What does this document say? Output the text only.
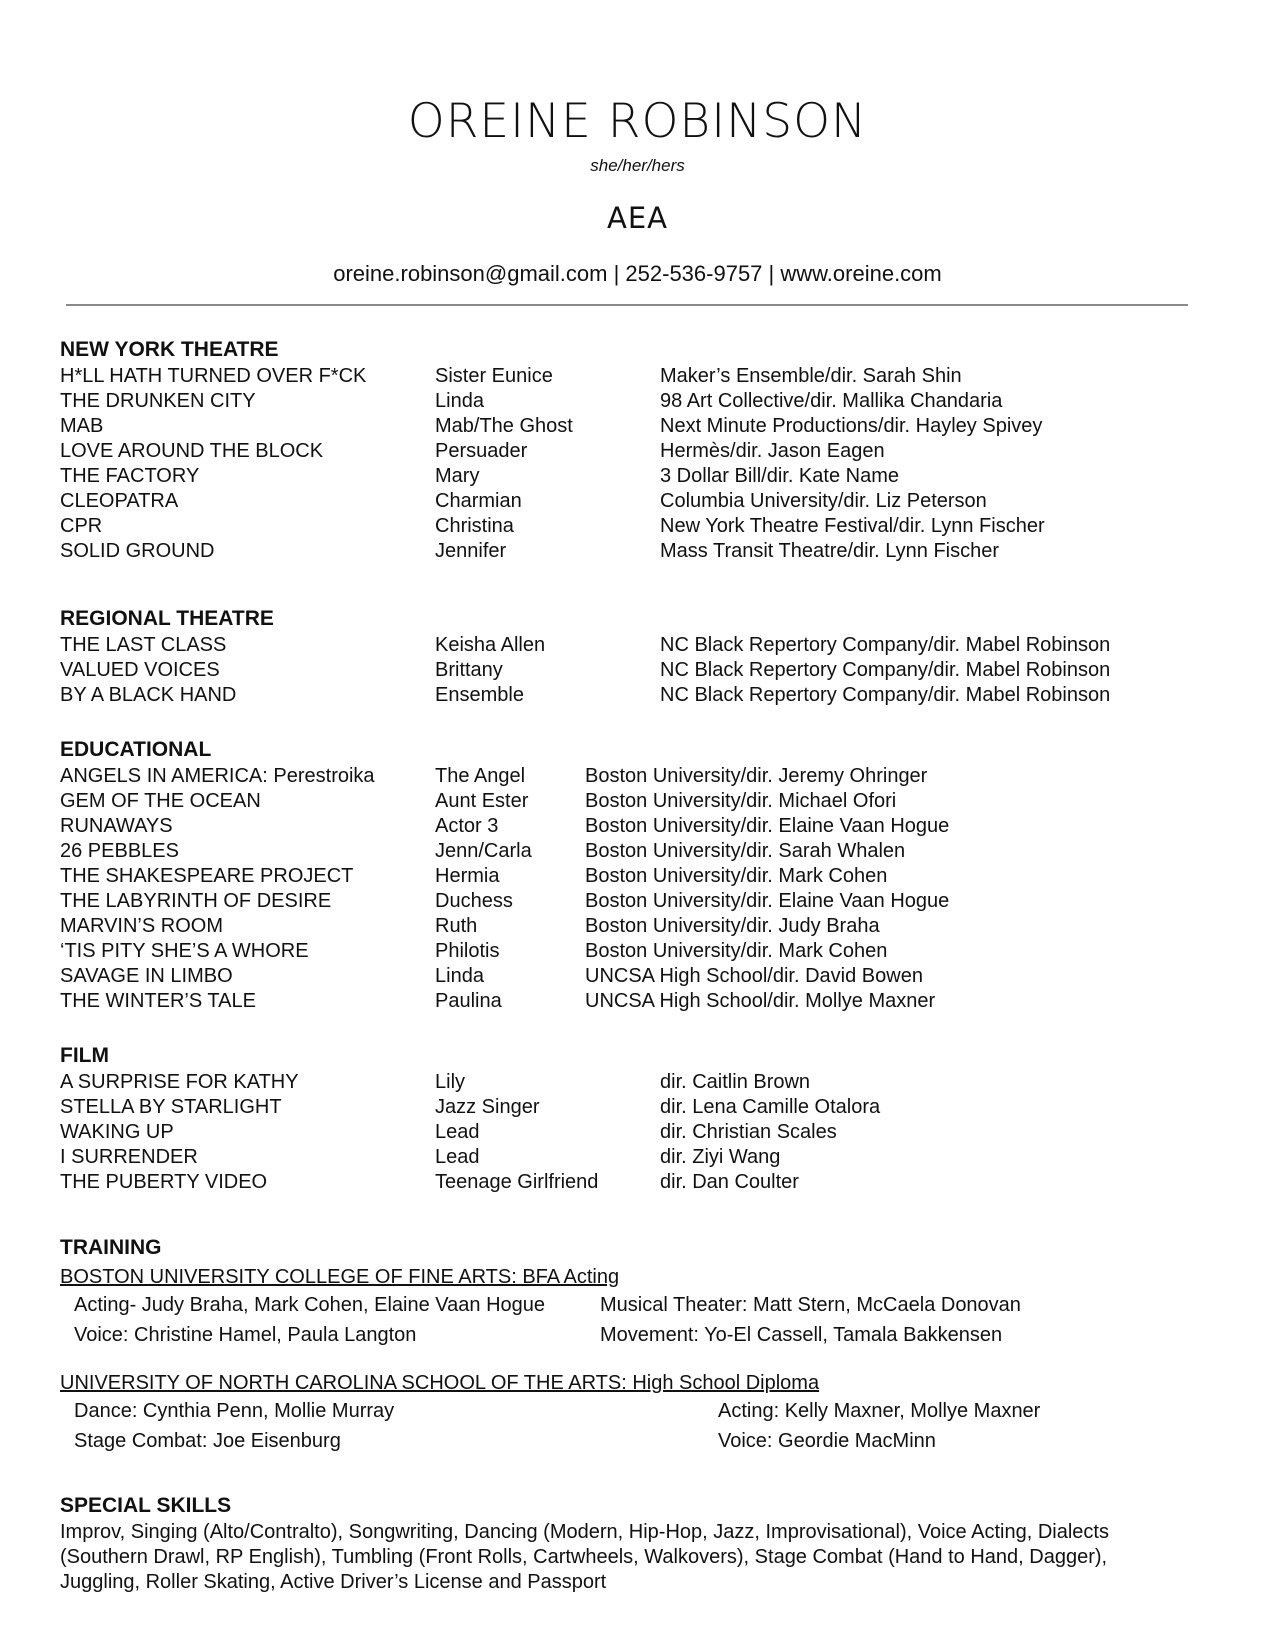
OREINE ROBINSON
she/her/hers
AEA
oreine.robinson@gmail.com | 252-536-9757 | www.oreine.com
NEW YORK THEATRE
H*LL HATH TURNED OVER F*CK	Sister Eunice	Maker’s Ensemble/dir. Sarah Shin
THE DRUNKEN CITY	Linda	98 Art Collective/dir. Mallika Chandaria
MAB	Mab/The Ghost	Next Minute Productions/dir. Hayley Spivey
LOVE AROUND THE BLOCK	Persuader	Hermès/dir. Jason Eagen
THE FACTORY	Mary	3 Dollar Bill/dir. Kate Name
CLEOPATRA	Charmian	Columbia University/dir. Liz Peterson
CPR	Christina	New York Theatre Festival/dir. Lynn Fischer
SOLID GROUND	Jennifer	Mass Transit Theatre/dir. Lynn Fischer
REGIONAL THEATRE
THE LAST CLASS	Keisha Allen	NC Black Repertory Company/dir. Mabel Robinson
VALUED VOICES	Brittany	NC Black Repertory Company/dir. Mabel Robinson
BY A BLACK HAND	Ensemble	NC Black Repertory Company/dir. Mabel Robinson
EDUCATIONAL
ANGELS IN AMERICA: Perestroika	The Angel	Boston University/dir. Jeremy Ohringer
GEM OF THE OCEAN	Aunt Ester	Boston University/dir. Michael Ofori
RUNAWAYS	Actor 3	Boston University/dir. Elaine Vaan Hogue
26 PEBBLES	Jenn/Carla	Boston University/dir. Sarah Whalen
THE SHAKESPEARE PROJECT	Hermia	Boston University/dir. Mark Cohen
THE LABYRINTH OF DESIRE	Duchess	Boston University/dir. Elaine Vaan Hogue
MARVIN’S ROOM	Ruth	Boston University/dir. Judy Braha
‘TIS PITY SHE’S A WHORE	Philotis	Boston University/dir. Mark Cohen
SAVAGE IN LIMBO	Linda	UNCSA High School/dir. David Bowen
THE WINTER’S TALE	Paulina	UNCSA High School/dir. Mollye Maxner
FILM
A SURPRISE FOR KATHY	Lily	dir. Caitlin Brown
STELLA BY STARLIGHT	Jazz Singer	dir. Lena Camille Otalora
WAKING UP	Lead	dir. Christian Scales
I SURRENDER	Lead	dir. Ziyi Wang
THE PUBERTY VIDEO	Teenage Girlfriend	dir. Dan Coulter
TRAINING
BOSTON UNIVERSITY COLLEGE OF FINE ARTS: BFA Acting
Acting- Judy Braha, Mark Cohen, Elaine Vaan Hogue	Musical Theater: Matt Stern, McCaela Donovan
Voice: Christine Hamel, Paula Langton	Movement: Yo-El Cassell, Tamala Bakkensen
UNIVERSITY OF NORTH CAROLINA SCHOOL OF THE ARTS: High School Diploma
Dance: Cynthia Penn, Mollie Murray	Acting: Kelly Maxner, Mollye Maxner
Stage Combat: Joe Eisenburg	Voice: Geordie MacMinn
SPECIAL SKILLS
Improv, Singing (Alto/Contralto), Songwriting, Dancing (Modern, Hip-Hop, Jazz, Improvisational), Voice Acting, Dialects (Southern Drawl, RP English), Tumbling (Front Rolls, Cartwheels, Walkovers), Stage Combat (Hand to Hand, Dagger), Juggling, Roller Skating, Active Driver’s License and Passport
